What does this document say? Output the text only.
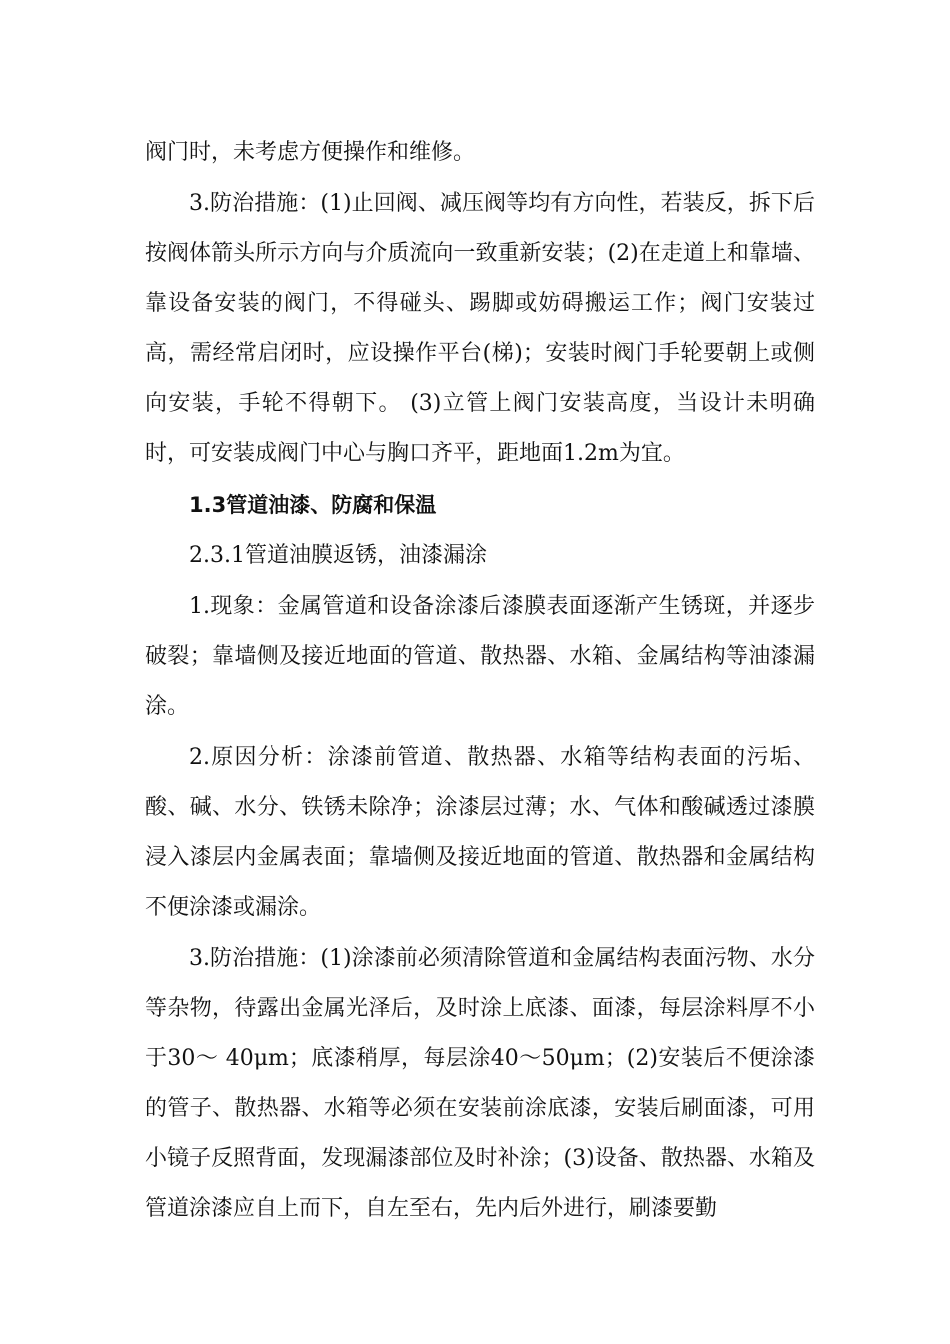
阀门时，未考虑方便操作和维修。

3.防治措施：(1)止回阀、减压阀等均有方向性，若装反，拆下后按阀体箭头所示方向与介质流向一致重新安装；(2)在走道上和靠墙、靠设备安装的阀门，不得碰头、踢脚或妨碍搬运工作；阀门安装过高，需经常启闭时，应设操作平台(梯)；安装时阀门手轮要朝上或侧向安装，手轮不得朝下。 (3)立管上阀门安装高度，当设计未明确时，可安装成阀门中心与胸口齐平，距地面1.2m为宜。

1.3管道油漆、防腐和保温

2.3.1管道油膜返锈，油漆漏涂

1.现象：金属管道和设备涂漆后漆膜表面逐渐产生锈斑，并逐步破裂；靠墙侧及接近地面的管道、散热器、水箱、金属结构等油漆漏涂。

2.原因分析：涂漆前管道、散热器、水箱等结构表面的污垢、酸、碱、水分、铁锈未除净；涂漆层过薄；水、气体和酸碱透过漆膜浸入漆层内金属表面；靠墙侧及接近地面的管道、散热器和金属结构不便涂漆或漏涂。

3.防治措施：(1)涂漆前必须清除管道和金属结构表面污物、水分等杂物，待露出金属光泽后，及时涂上底漆、面漆，每层涂料厚不小于30～ 40μm；底漆稍厚，每层涂40～50μm；(2)安装后不便涂漆的管子、散热器、水箱等必须在安装前涂底漆，安装后刷面漆，可用小镜子反照背面，发现漏漆部位及时补涂；(3)设备、散热器、水箱及管道涂漆应自上而下，自左至右，先内后外进行，刷漆要勤
